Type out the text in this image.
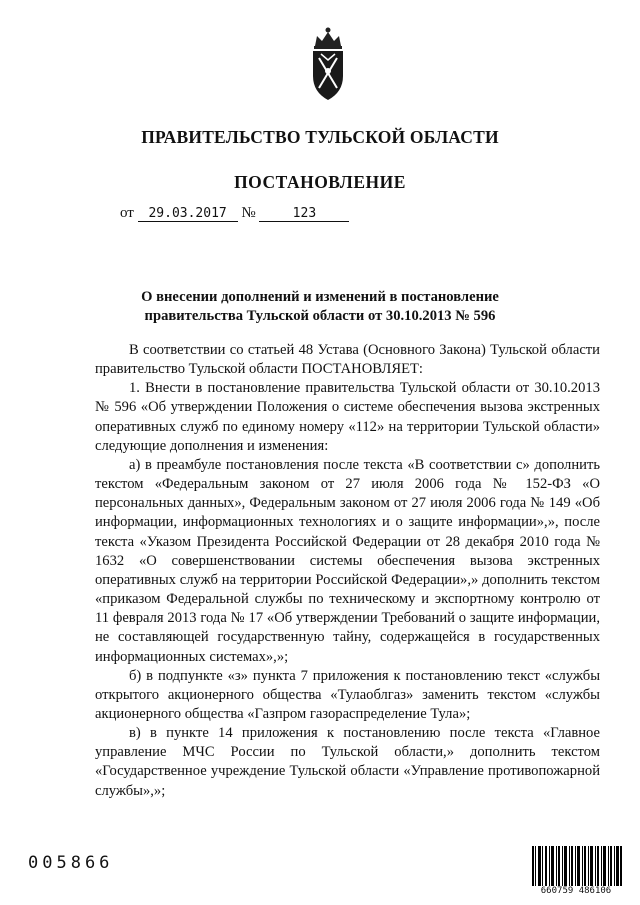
ПРАВИТЕЛЬСТВО ТУЛЬСКОЙ ОБЛАСТИ
ПОСТАНОВЛЕНИЕ
от 29.03.2017 №	123
О внесении дополнений и изменений в постановление
правительства Тульской области от 30.10.2013 № 596

В соответствии со статьей 48 Устава (Основного Закона) Тульской области правительство Тульской области ПОСТАНОВЛЯЕТ:

1. Внести в постановление правительства Тульской области от 30.10.2013 № 596 «Об утверждении Положения о системе обеспечения вызова экстренных оперативных служб по единому номеру «112» на территории Тульской области» следующие дополнения и изменения:

а) в преамбуле постановления после текста «В соответствии с» дополнить текстом «Федеральным законом от 27 июля 2006 года № 152-ФЗ «О персональных данных», Федеральным законом от 27 июля 2006 года № 149 «Об информации, информационных технологиях и о защите информации»,», после текста «Указом Президента Российской Федерации от 28 декабря 2010 года № 1632 «О совершенствовании системы обеспечения вызова экстренных оперативных служб на территории Российской Федерации»,» дополнить текстом «приказом Федеральной службы по техническому и экспортному контролю от 11 февраля 2013 года № 17 «Об утверждении Требований о защите информации, не составляющей государственную тайну, содержащейся в государственных информационных системах»,»;

б) в подпункте «з» пункта 7 приложения к постановлению текст «службы открытого акционерного общества «Тулаоблгаз» заменить текстом «службы акционерного общества «Газпром газораспределение Тула»;

в) в пункте 14 приложения к постановлению после текста «Главное управление МЧС России по Тульской области,» дополнить текстом «Государственное учреждение Тульской области «Управление противопожарной службы»,»;

005866
660759 486106
